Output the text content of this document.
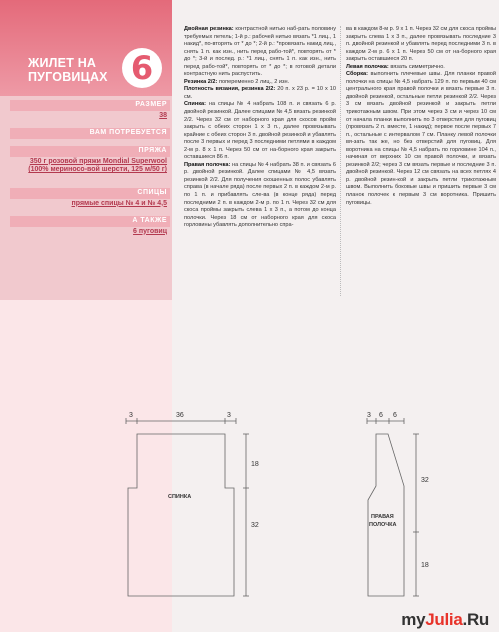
ЖИЛЕТ НА
ПУГОВИЦАХ 6
РАЗМЕР
38
ВАМ ПОТРЕБУЕТСЯ
ПРЯЖА
350 г розовой пряжи Mondial Superwool (100% мериносо-вой шерсти, 125 м/50 г)
СПИЦЫ
прямые спицы № 4 и № 4,5
А ТАКЖЕ
6 пуговиц

Двойная резинка: контрастной нитью наб-рать половину требуемых петель; 1-й р.: рабочей нитью вязать *1 лиц., 1 накид*, по-вторять от * до *; 2-й р.: *провязать накид лиц., снять 1 п. как изн., нить перед рабо-той*, повторять от * до *; 3-й и послед. р.: *1 лиц., снять 1 п. как изн., нить перед рабо-той*, повторять от * до *; в готовой детали контрастную нить распустить.

Резинка 2/2: попеременно 2 лиц., 2 изн.

Плотность вязания, резинка 2/2: 20 п. x 23 р. = 10 x 10 см.

Спинка: на спицы № 4 набрать 108 п. и связать 6 р. двойной резинкой. Далее спицами № 4,5 вязать резинкой 2/2. Через 32 см от наборного края для скосов пройм закрыть с обеих сторон 1 x 3 п., далее провязывать крайние с обеих сторон 3 п. двойной резинкой и убавлять после 3 первых и перед 3 последними петлями в каждом 2-м р. 8 x 1 п. Через 50 см от на-борного края закрыть оставшиеся 86 п.

Правая полочка: на спицы № 4 набрать 38 п. и связать 6 р. двойной резинкой. Далее спицами № 4,5 вязать резинкой 2/2. Для получения скошенных полос убавлять справа (в начале ряда) после первых 2 п. в каждом 2-м р. по 1 п. и прибавлять сле-ва (в конце ряда) перед последними 2 п. в каждом 2-м р. по 1 п. Через 32 см для скоса проймы закрыть слева 1 x 3 п., а потом до конца полочки. Через 18 см от наборного края для скоса горловины убавлять дополнительно спра-

ва в каждом 8-м р. 9 x 1 п. Через 32 см для скоса проймы закрыть слева 1 x 3 п., далее провязывать последние 3 п. двойной резинкой и убавлять перед последними 3 п. в каждом 2-м р. 6 x 1 п. Через 50 см от на-борного края закрыть оставшиеся 20 п.

Левая полочка: вязать симметрично.

Сборка: выполнить плечевые швы. Для планки правой полочки на спицы № 4,5 набрать 129 п. по первым 40 см центрального края правой полочки и вязать первые 3 п. двойной резинкой, остальные петли резинкой 2/2. Через 3 см вязать двойной резинкой и закрыть петли трикотажным швом. При этом через 3 см и через 10 см от начала планки выполнить по 3 отверстия для пуговиц (провязать 2 п. вместе, 1 накид); первое после первых 7 п., остальные с интервалом 7 см. Планку левой полочки вя-зать так же, но без отверстий для пуговиц. Для воротника на спицы № 4,5 набрать по горловине 104 п., начиная от верхних 10 см правой полочки, и вязать резинкой 2/2; через 3 см вязать первые и последние 3 п. двойной резинкой. Через 12 см связать на всех петлях 4 р. двойной резин-кой и закрыть петли трикотажным швом. Выполнить боковые швы и пришить первые 3 см планок полочек к первым 3 см воротника. Пришить пуговицы.

3	36	3
18
32
СПИНКА
3 6 6
32
18
ПРАВАЯ
ПОЛОЧКА
myJulia.Ru
